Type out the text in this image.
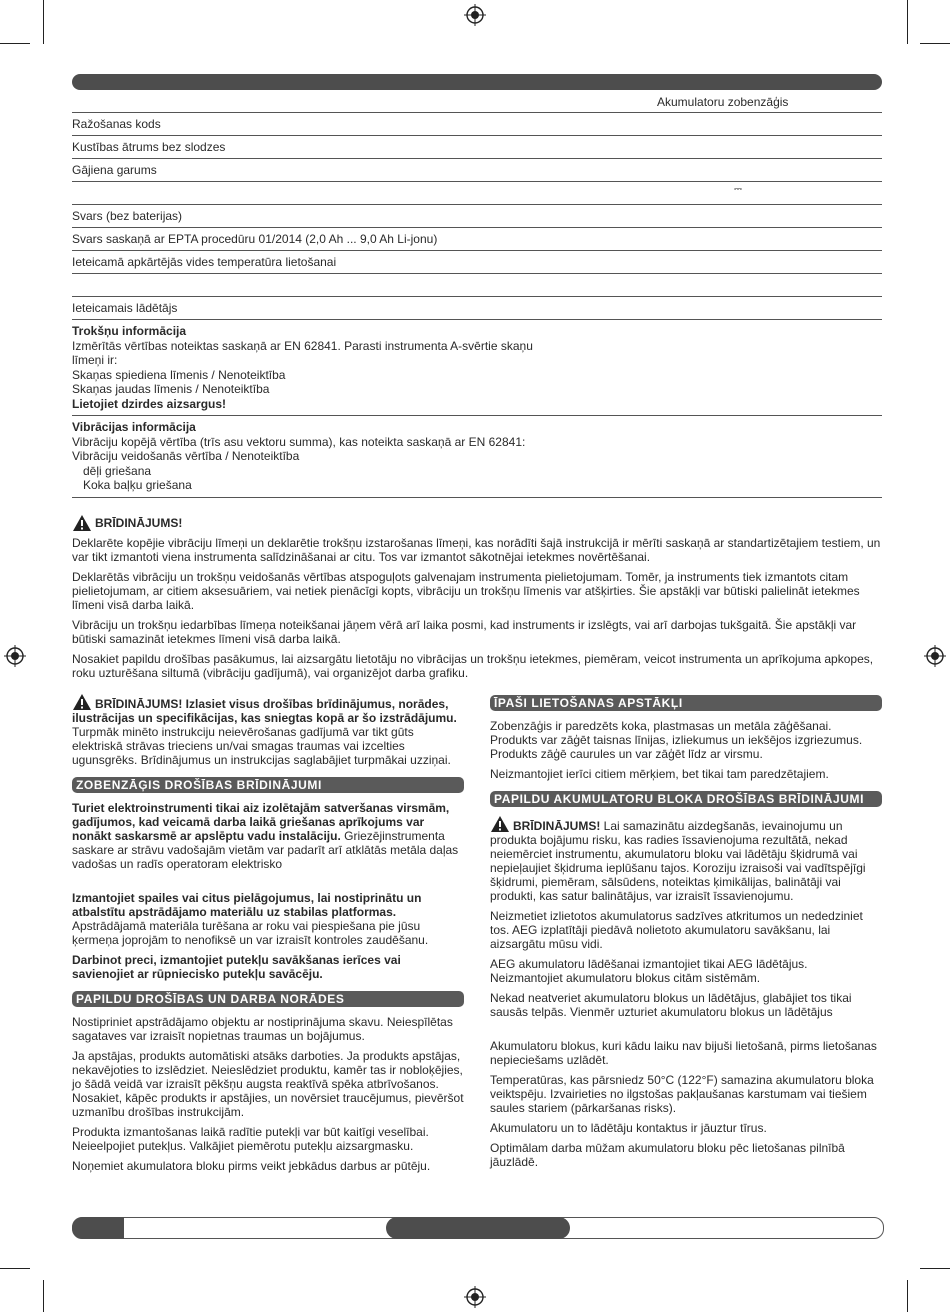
Akumulatoru zobenzāģis
Ražošanas kods
Kustības ātrums bez slodzes
Gājiena garums
⎓
Svars (bez baterijas)
Svars saskaņā ar EPTA procedūru 01/2014 (2,0 Ah ... 9,0 Ah Li-jonu)
Ieteicamā apkārtējās vides temperatūra lietošanai
Ieteicamais lādētājs
Trokšņu informācija
Izmērītās vērtības noteiktas saskaņā ar EN 62841. Parasti instrumenta A-svērtie skaņu
līmeņi ir:
Skaņas spiediena līmenis / Nenoteiktība
Skaņas jaudas līmenis / Nenoteiktība
Lietojiet dzirdes aizsargus!
Vibrācijas informācija
Vibrāciju kopējā vērtība (trīs asu vektoru summa), kas noteikta saskaņā ar EN 62841:
Vibrāciju veidošanās vērtība / Nenoteiktība
dēļi griešana
Koka baļķu griešana
BRĪDINĀJUMS!

Deklarēte kopējie vibrāciju līmeņi un deklarētie trokšņu izstarošanas līmeņi, kas norādīti šajā instrukcijā ir mērīti saskaņā ar standartizētajiem testiem, un var tikt izmantoti viena instrumenta salīdzināšanai ar citu. Tos var izmantot sākotnējai ietekmes novērtēšanai.

Deklarētās vibrāciju un trokšņu veidošanās vērtības atspoguļots galvenajam instrumenta pielietojumam. Tomēr, ja instruments tiek izmantots citam pielietojumam, ar citiem aksesuāriem, vai netiek pienācīgi kopts, vibrāciju un trokšņu līmenis var atšķirties. Šie apstākļi var būtiski palielināt ietekmes līmeni visā darba laikā.

Vibrāciju un trokšņu iedarbības līmeņa noteikšanai jāņem vērā arī laika posmi, kad instruments ir izslēgts, vai arī darbojas tukšgaitā. Šie apstākļi var būtiski samazināt ietekmes līmeni visā darba laikā.

Nosakiet papildu drošības pasākumus, lai aizsargātu lietotāju no vibrācijas un trokšņu ietekmes, piemēram, veicot instrumenta un aprīkojuma apkopes, roku uzturēšana siltumā (vibrāciju gadījumā), vai organizējot darba grafiku.

BRĪDINĀJUMS! Izlasiet visus drošības brīdinājumus, norādes, ilustrācijas un specifikācijas, kas sniegtas kopā ar šo izstrādājumu. Turpmāk minēto instrukciju neievērošanas gadījumā var tikt gūts elektriskā strāvas trieciens un/vai smagas traumas vai izcelties ugunsgrēks. Brīdinājumus un instrukcijas saglabājiet turpmākai uzziņai.

ZOBENZĀĢIS DROŠĪBAS BRĪDINĀJUMI

Turiet elektroinstrumenti tikai aiz izolētajām satveršanas virsmām, gadījumos, kad veicamā darba laikā griešanas aprīkojums var nonākt saskarsmē ar apslēptu vadu instalāciju. Griezējinstrumenta saskare ar strāvu vadošajām vietām var padarīt arī atklātās metāla daļas vadošas un radīs operatoram elektrisko

Izmantojiet spailes vai citus pielāgojumus, lai nostiprinātu un atbalstītu apstrādājamo materiālu uz stabilas platformas. Apstrādājamā materiāla turēšana ar roku vai piespiešana pie jūsu ķermeņa joprojām to nenofiksē un var izraisīt kontroles zaudēšanu.

Darbinot preci, izmantojiet putekļu savākšanas ierīces vai savienojiet ar rūpniecisko putekļu savācēju.

PAPILDU DROŠĪBAS UN DARBA NORĀDES

Nostipriniet apstrādājamo objektu ar nostiprinājuma skavu. Neiespīlētas sagataves var izraisīt nopietnas traumas un bojājumus.

Ja apstājas, produkts automātiski atsāks darboties. Ja produkts apstājas, nekavējoties to izslēdziet. Neieslēdziet produktu, kamēr tas ir nobloķējies, jo šādā veidā var izraisīt pēkšņu augsta reaktīvā spēka atbrīvošanos. Nosakiet, kāpēc produkts ir apstājies, un novērsiet traucējumus, pievēršot uzmanību drošības instrukcijām.

Produkta izmantošanas laikā radītie putekļi var būt kaitīgi veselībai. Neieelpojiet putekļus. Valkājiet piemērotu putekļu aizsargmasku.

Noņemiet akumulatora bloku pirms veikt jebkādus darbus ar pūtēju.

ĪPAŠI LIETOŠANAS APSTĀKĻI

Zobenzāģis ir paredzēts koka, plastmasas un metāla zāģēšanai. Produkts var zāģēt taisnas līnijas, izliekumus un iekšējos izgriezumus. Produkts zāģē caurules un var zāģēt līdz ar virsmu.

Neizmantojiet ierīci citiem mērķiem, bet tikai tam paredzētajiem.

PAPILDU AKUMULATORU BLOKA DROŠĪBAS BRĪDINĀJUMI

BRĪDINĀJUMS! Lai samazinātu aizdegšanās, ievainojumu un produkta bojājumu risku, kas radies īssavienojuma rezultātā, nekad neiemērciet instrumentu, akumulatoru bloku vai lādētāju šķidrumā vai nepieļaujiet šķidruma ieplūšanu tajos. Koroziju izraisoši vai vadītspējīgi šķidrumi, piemēram, sālsūdens, noteiktas ķimikālijas, balinātāji vai produkti, kas satur balinātājus, var izraisīt īssavienojumu.

Neizmetiet izlietotos akumulatorus sadzīves atkritumos un nededziniet tos. AEG izplatītāji piedāvā nolietoto akumulatoru savākšanu, lai aizsargātu mūsu vidi.

AEG akumulatoru lādēšanai izmantojiet tikai AEG lādētājus. Neizmantojiet akumulatoru blokus citām sistēmām.

Nekad neatveriet akumulatoru blokus un lādētājus, glabājiet tos tikai sausās telpās. Vienmēr uzturiet akumulatoru blokus un lādētājus

Akumulatoru blokus, kuri kādu laiku nav bijuši lietošanā, pirms lietošanas nepieciešams uzlādēt.

Temperatūras, kas pārsniedz 50°C (122°F) samazina akumulatoru bloka veiktspēju. Izvairieties no ilgstošas pakļaušanas karstumam vai tiešiem saules stariem (pārkaršanas risks).

Akumulatoru un to lādētāju kontaktus ir jāuztur tīrus.

Optimālam darba mūžam akumulatoru bloku pēc lietošanas pilnībā jāuzlādē.
